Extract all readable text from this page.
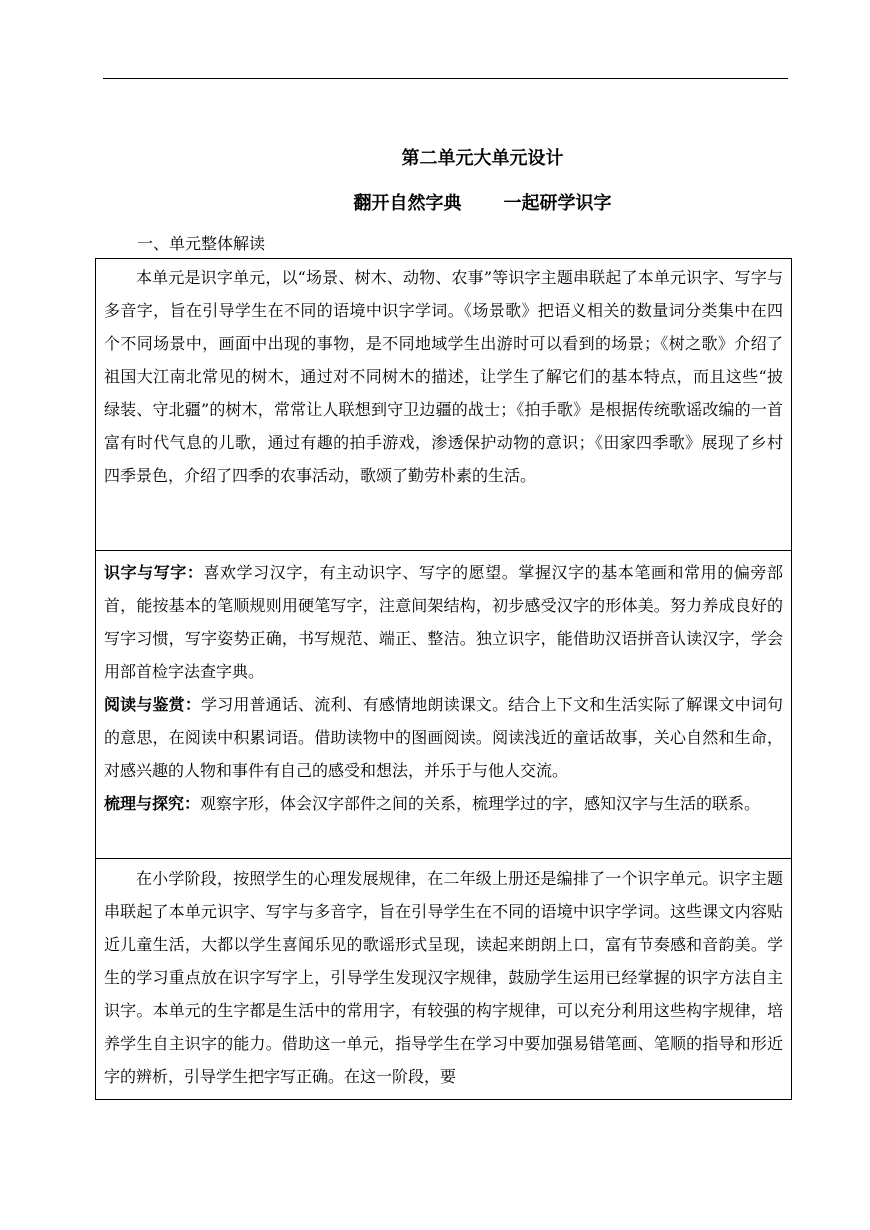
第二单元大单元设计
翻开自然字典 一起研学识字
一、单元整体解读

本单元是识字单元，以“场景、树木、动物、农事”等识字主题串联起了本单元识字、写字与多音字，旨在引导学生在不同的语境中识字学词。《场景歌》把语义相关的数量词分类集中在四个不同场景中，画面中出现的事物，是不同地域学生出游时可以看到的场景；《树之歌》介绍了祖国大江南北常见的树木，通过对不同树木的描述，让学生了解它们的基本特点，而且这些“披绿装、守北疆”的树木，常常让人联想到守卫边疆的战士；《拍手歌》是根据传统歌谣改编的一首富有时代气息的儿歌，通过有趣的拍手游戏，渗透保护动物的意识；《田家四季歌》展现了乡村四季景色，介绍了四季的农事活动，歌颂了勤劳朴素的生活。

识字与写字：喜欢学习汉字，有主动识字、写字的愿望。掌握汉字的基本笔画和常用的偏旁部首，能按基本的笔顺规则用硬笔写字，注意间架结构，初步感受汉字的形体美。努力养成良好的写字习惯，写字姿势正确，书写规范、端正、整洁。独立识字，能借助汉语拼音认读汉字，学会用部首检字法查字典。

阅读与鉴赏：学习用普通话、流利、有感情地朗读课文。结合上下文和生活实际了解课文中词句的意思，在阅读中积累词语。借助读物中的图画阅读。阅读浅近的童话故事，关心自然和生命，对感兴趣的人物和事件有自己的感受和想法，并乐于与他人交流。

梳理与探究：观察字形，体会汉字部件之间的关系，梳理学过的字，感知汉字与生活的联系。

在小学阶段，按照学生的心理发展规律，在二年级上册还是编排了一个识字单元。识字主题串联起了本单元识字、写字与多音字，旨在引导学生在不同的语境中识字学词。这些课文内容贴近儿童生活，大都以学生喜闻乐见的歌谣形式呈现，读起来朗朗上口，富有节奏感和音韵美。学生的学习重点放在识字写字上，引导学生发现汉字规律，鼓励学生运用已经掌握的识字方法自主识字。本单元的生字都是生活中的常用字，有较强的构字规律，可以充分利用这些构字规律，培养学生自主识字的能力。借助这一单元，指导学生在学习中要加强易错笔画、笔顺的指导和形近字的辨析，引导学生把字写正确。在这一阶段，要
